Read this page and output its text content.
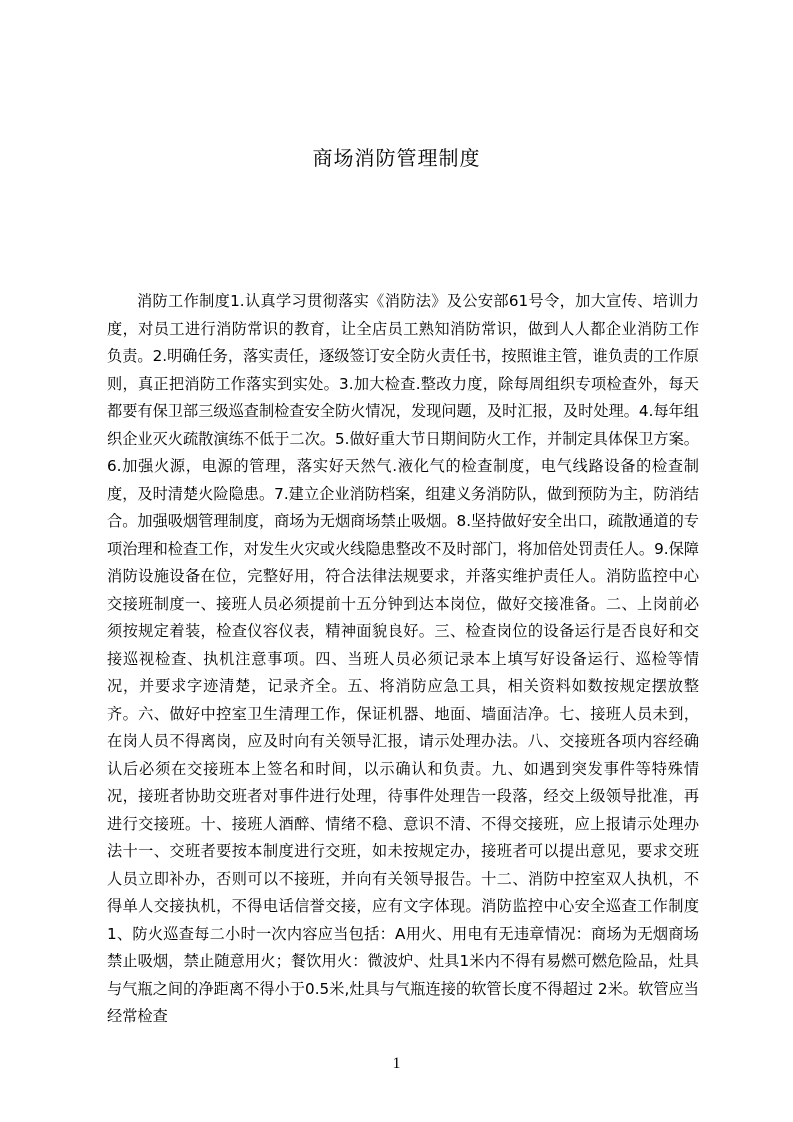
商场消防管理制度

消防工作制度1.认真学习贯彻落实《消防法》及公安部61号令，加大宣传、培训力度，对员工进行消防常识的教育，让全店员工熟知消防常识，做到人人都企业消防工作负责。2.明确任务，落实责任，逐级签订安全防火责任书，按照谁主管，谁负责的工作原则，真正把消防工作落实到实处。3.加大检查.整改力度，除每周组织专项检查外，每天都要有保卫部三级巡查制检查安全防火情况，发现问题，及时汇报，及时处理。4.每年组织企业灭火疏散演练不低于二次。5.做好重大节日期间防火工作，并制定具体保卫方案。6.加强火源，电源的管理，落实好天然气.液化气的检查制度，电气线路设备的检查制度，及时清楚火险隐患。7.建立企业消防档案，组建义务消防队，做到预防为主，防消结合。加强吸烟管理制度，商场为无烟商场禁止吸烟。8.坚持做好安全出口，疏散通道的专项治理和检查工作，对发生火灾或火线隐患整改不及时部门，将加倍处罚责任人。9.保障消防设施设备在位，完整好用，符合法律法规要求，并落实维护责任人。消防监控中心交接班制度一、接班人员必须提前十五分钟到达本岗位，做好交接准备。二、上岗前必须按规定着装，检查仪容仪表，精神面貌良好。三、检查岗位的设备运行是否良好和交接巡视检查、执机注意事项。四、当班人员必须记录本上填写好设备运行、巡检等情况，并要求字迹清楚，记录齐全。五、将消防应急工具，相关资料如数按规定摆放整齐。六、做好中控室卫生清理工作，保证机器、地面、墙面洁净。七、接班人员未到，在岗人员不得离岗，应及时向有关领导汇报，请示处理办法。八、交接班各项内容经确认后必须在交接班本上签名和时间，以示确认和负责。九、如遇到突发事件等特殊情况，接班者协助交班者对事件进行处理，待事件处理告一段落，经交上级领导批准，再进行交接班。十、接班人酒醉、情绪不稳、意识不清、不得交接班，应上报请示处理办法十一、交班者要按本制度进行交班，如未按规定办，接班者可以提出意见，要求交班人员立即补办，否则可以不接班，并向有关领导报告。十二、消防中控室双人执机，不得单人交接执机，不得电话信誉交接，应有文字体现。消防监控中心安全巡查工作制度1、防火巡查每二小时一次内容应当包括：A用火、用电有无违章情况：商场为无烟商场禁止吸烟，禁止随意用火；餐饮用火：微波炉、灶具1米内不得有易燃可燃危险品，灶具与气瓶之间的净距离不得小于0.5米,灶具与气瓶连接的软管长度不得超过 2米。软管应当经常检查

1
